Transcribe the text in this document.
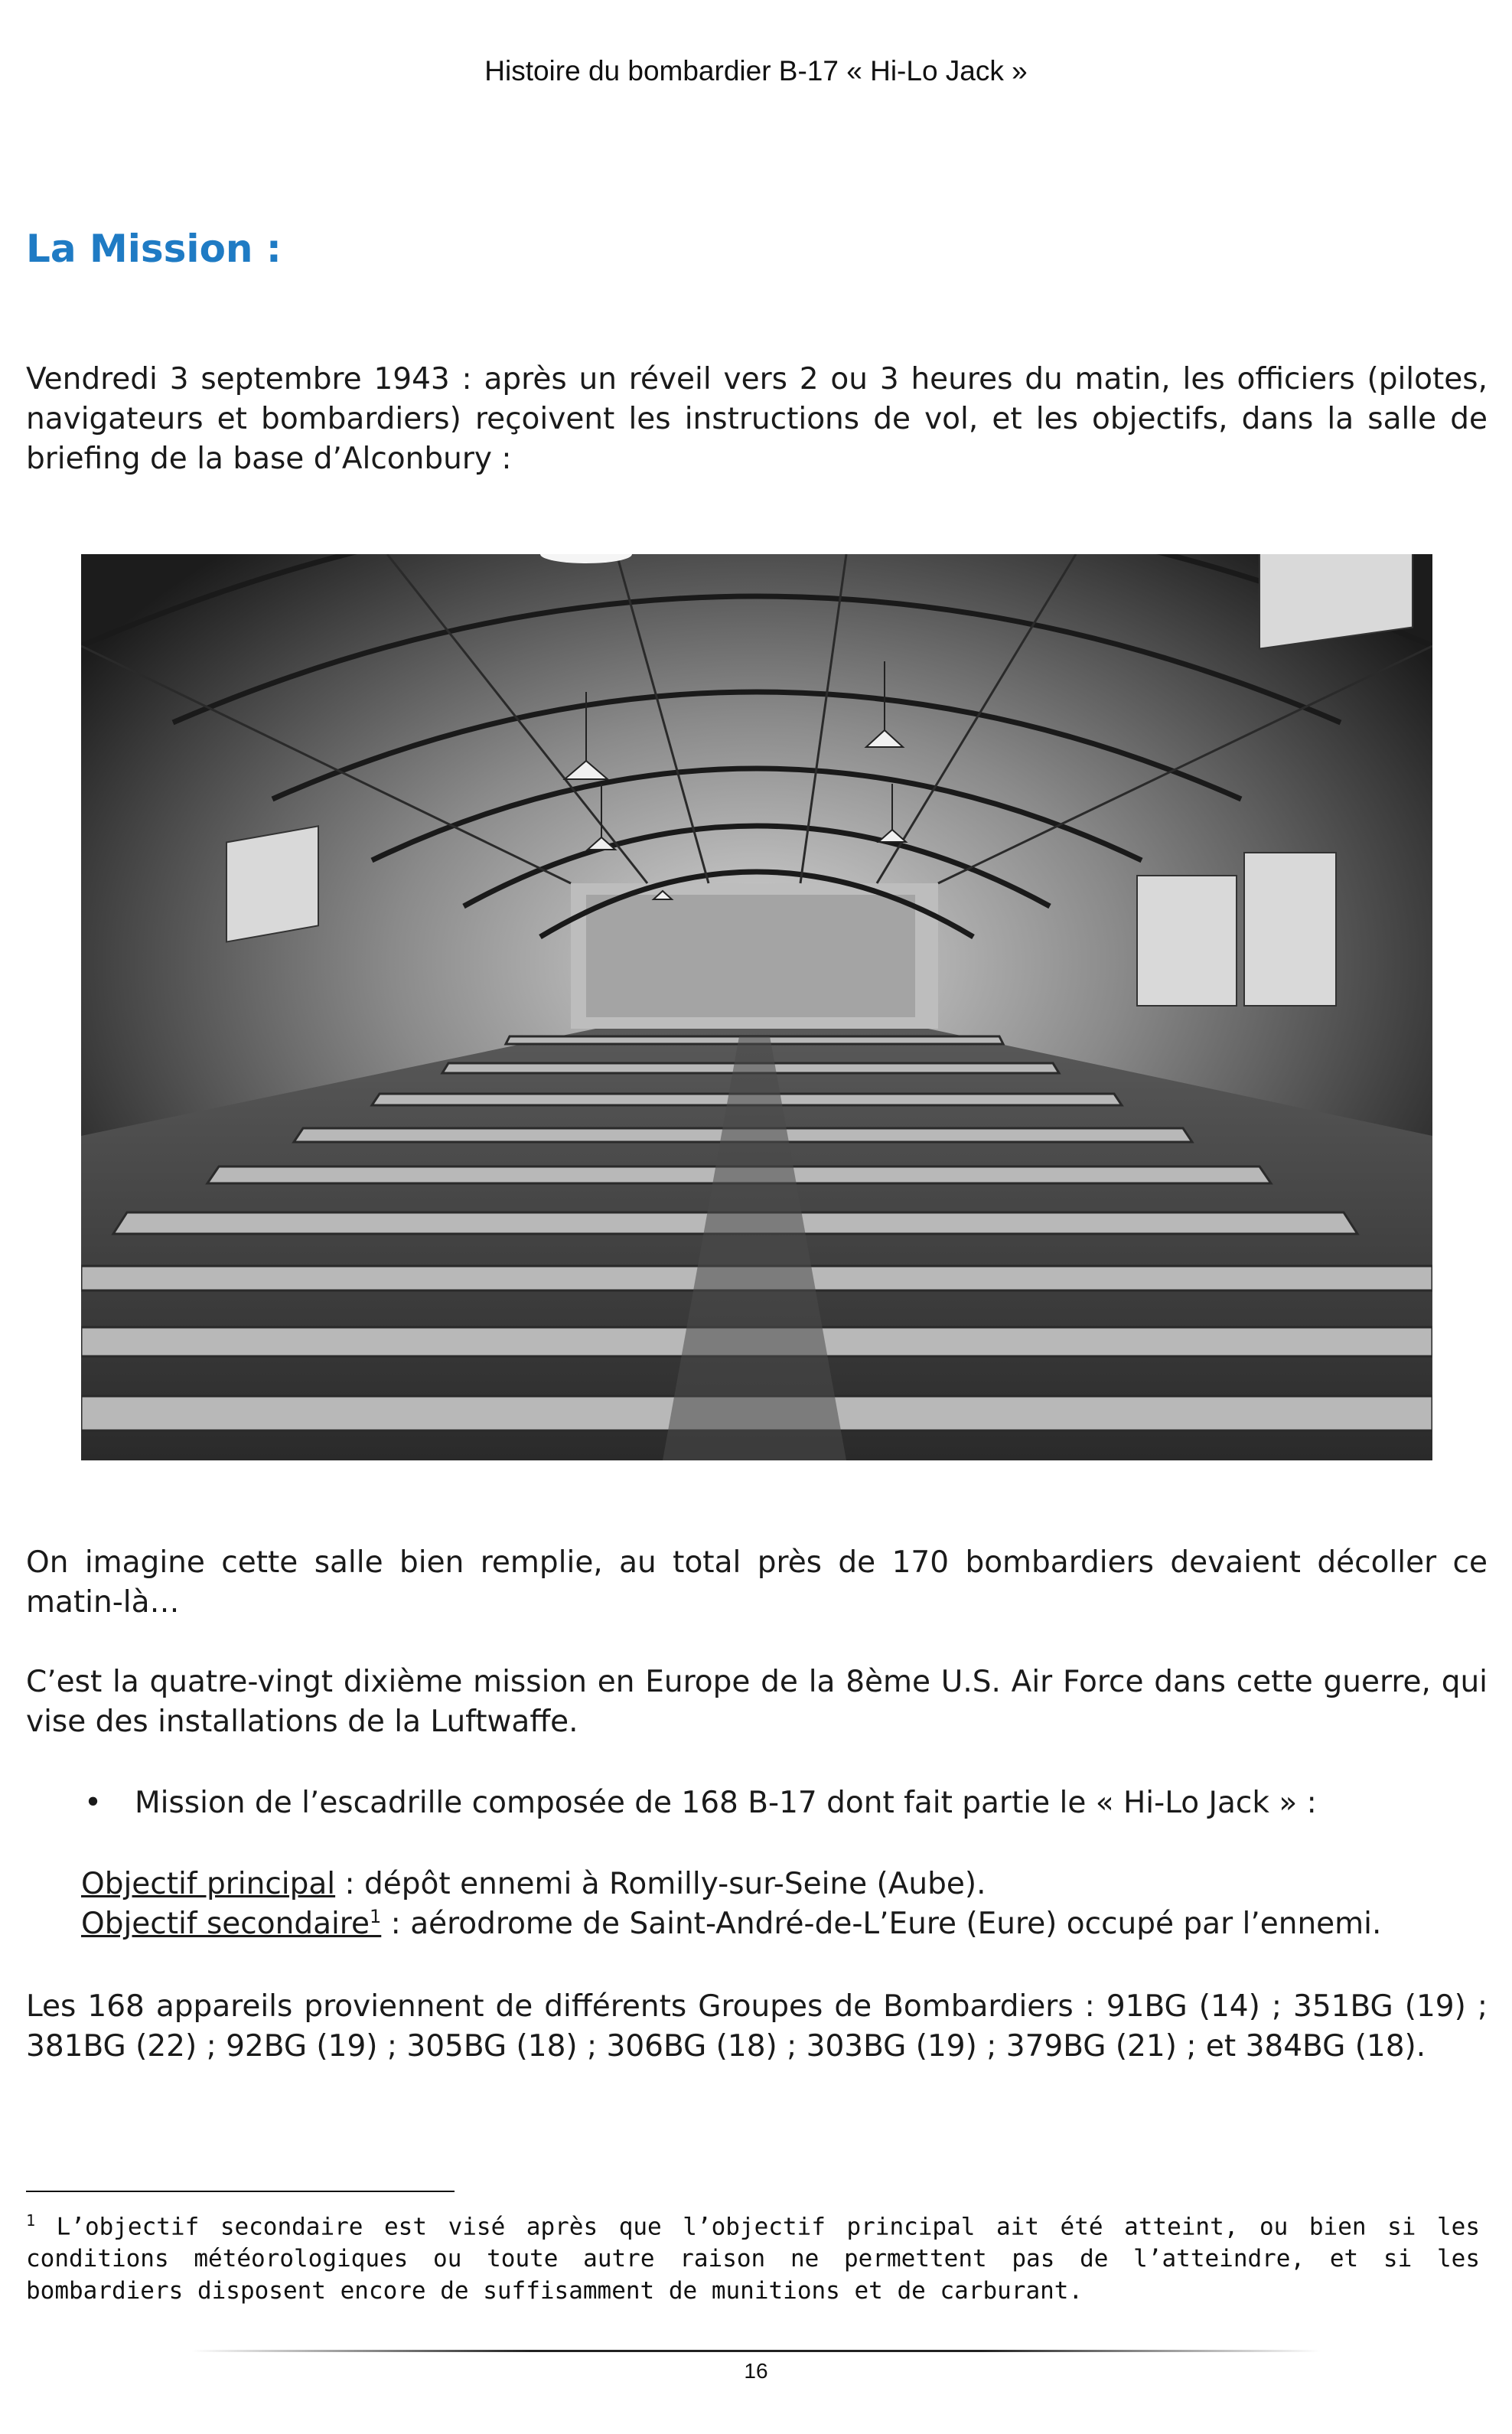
Histoire du bombardier B-17 « Hi-Lo Jack »
La Mission :
Vendredi 3 septembre 1943 : après un réveil vers 2 ou 3 heures du matin, les officiers (pilotes, navigateurs et bombardiers) reçoivent les instructions de vol, et les objectifs, dans la salle de briefing de la base d’Alconbury :
On imagine cette salle bien remplie, au total près de 170 bombardiers devaient décoller ce matin-là…
C’est la quatre-vingt dixième mission en Europe de la 8ème U.S. Air Force dans cette guerre, qui vise des installations de la Luftwaffe.
• Mission de l’escadrille composée de 168 B-17 dont fait partie le « Hi-Lo Jack » :
Objectif principal : dépôt ennemi à Romilly-sur-Seine (Aube).
Objectif secondaire$^1$ : aérodrome de Saint-André-de-L’Eure (Eure) occupé par l’ennemi.
Les 168 appareils proviennent de différents Groupes de Bombardiers : 91BG (14) ; 351BG (19) ; 381BG (22) ; 92BG (19) ; 305BG (18) ; 306BG (18) ; 303BG (19) ; 379BG (21) ; et 384BG (18).
$^1$ L’objectif secondaire est visé après que l’objectif principal ait été atteint, ou bien si les conditions météorologiques ou toute autre raison ne permettent pas de l’atteindre, et si les bombardiers disposent encore de suffisamment de munitions et de carburant.
16
